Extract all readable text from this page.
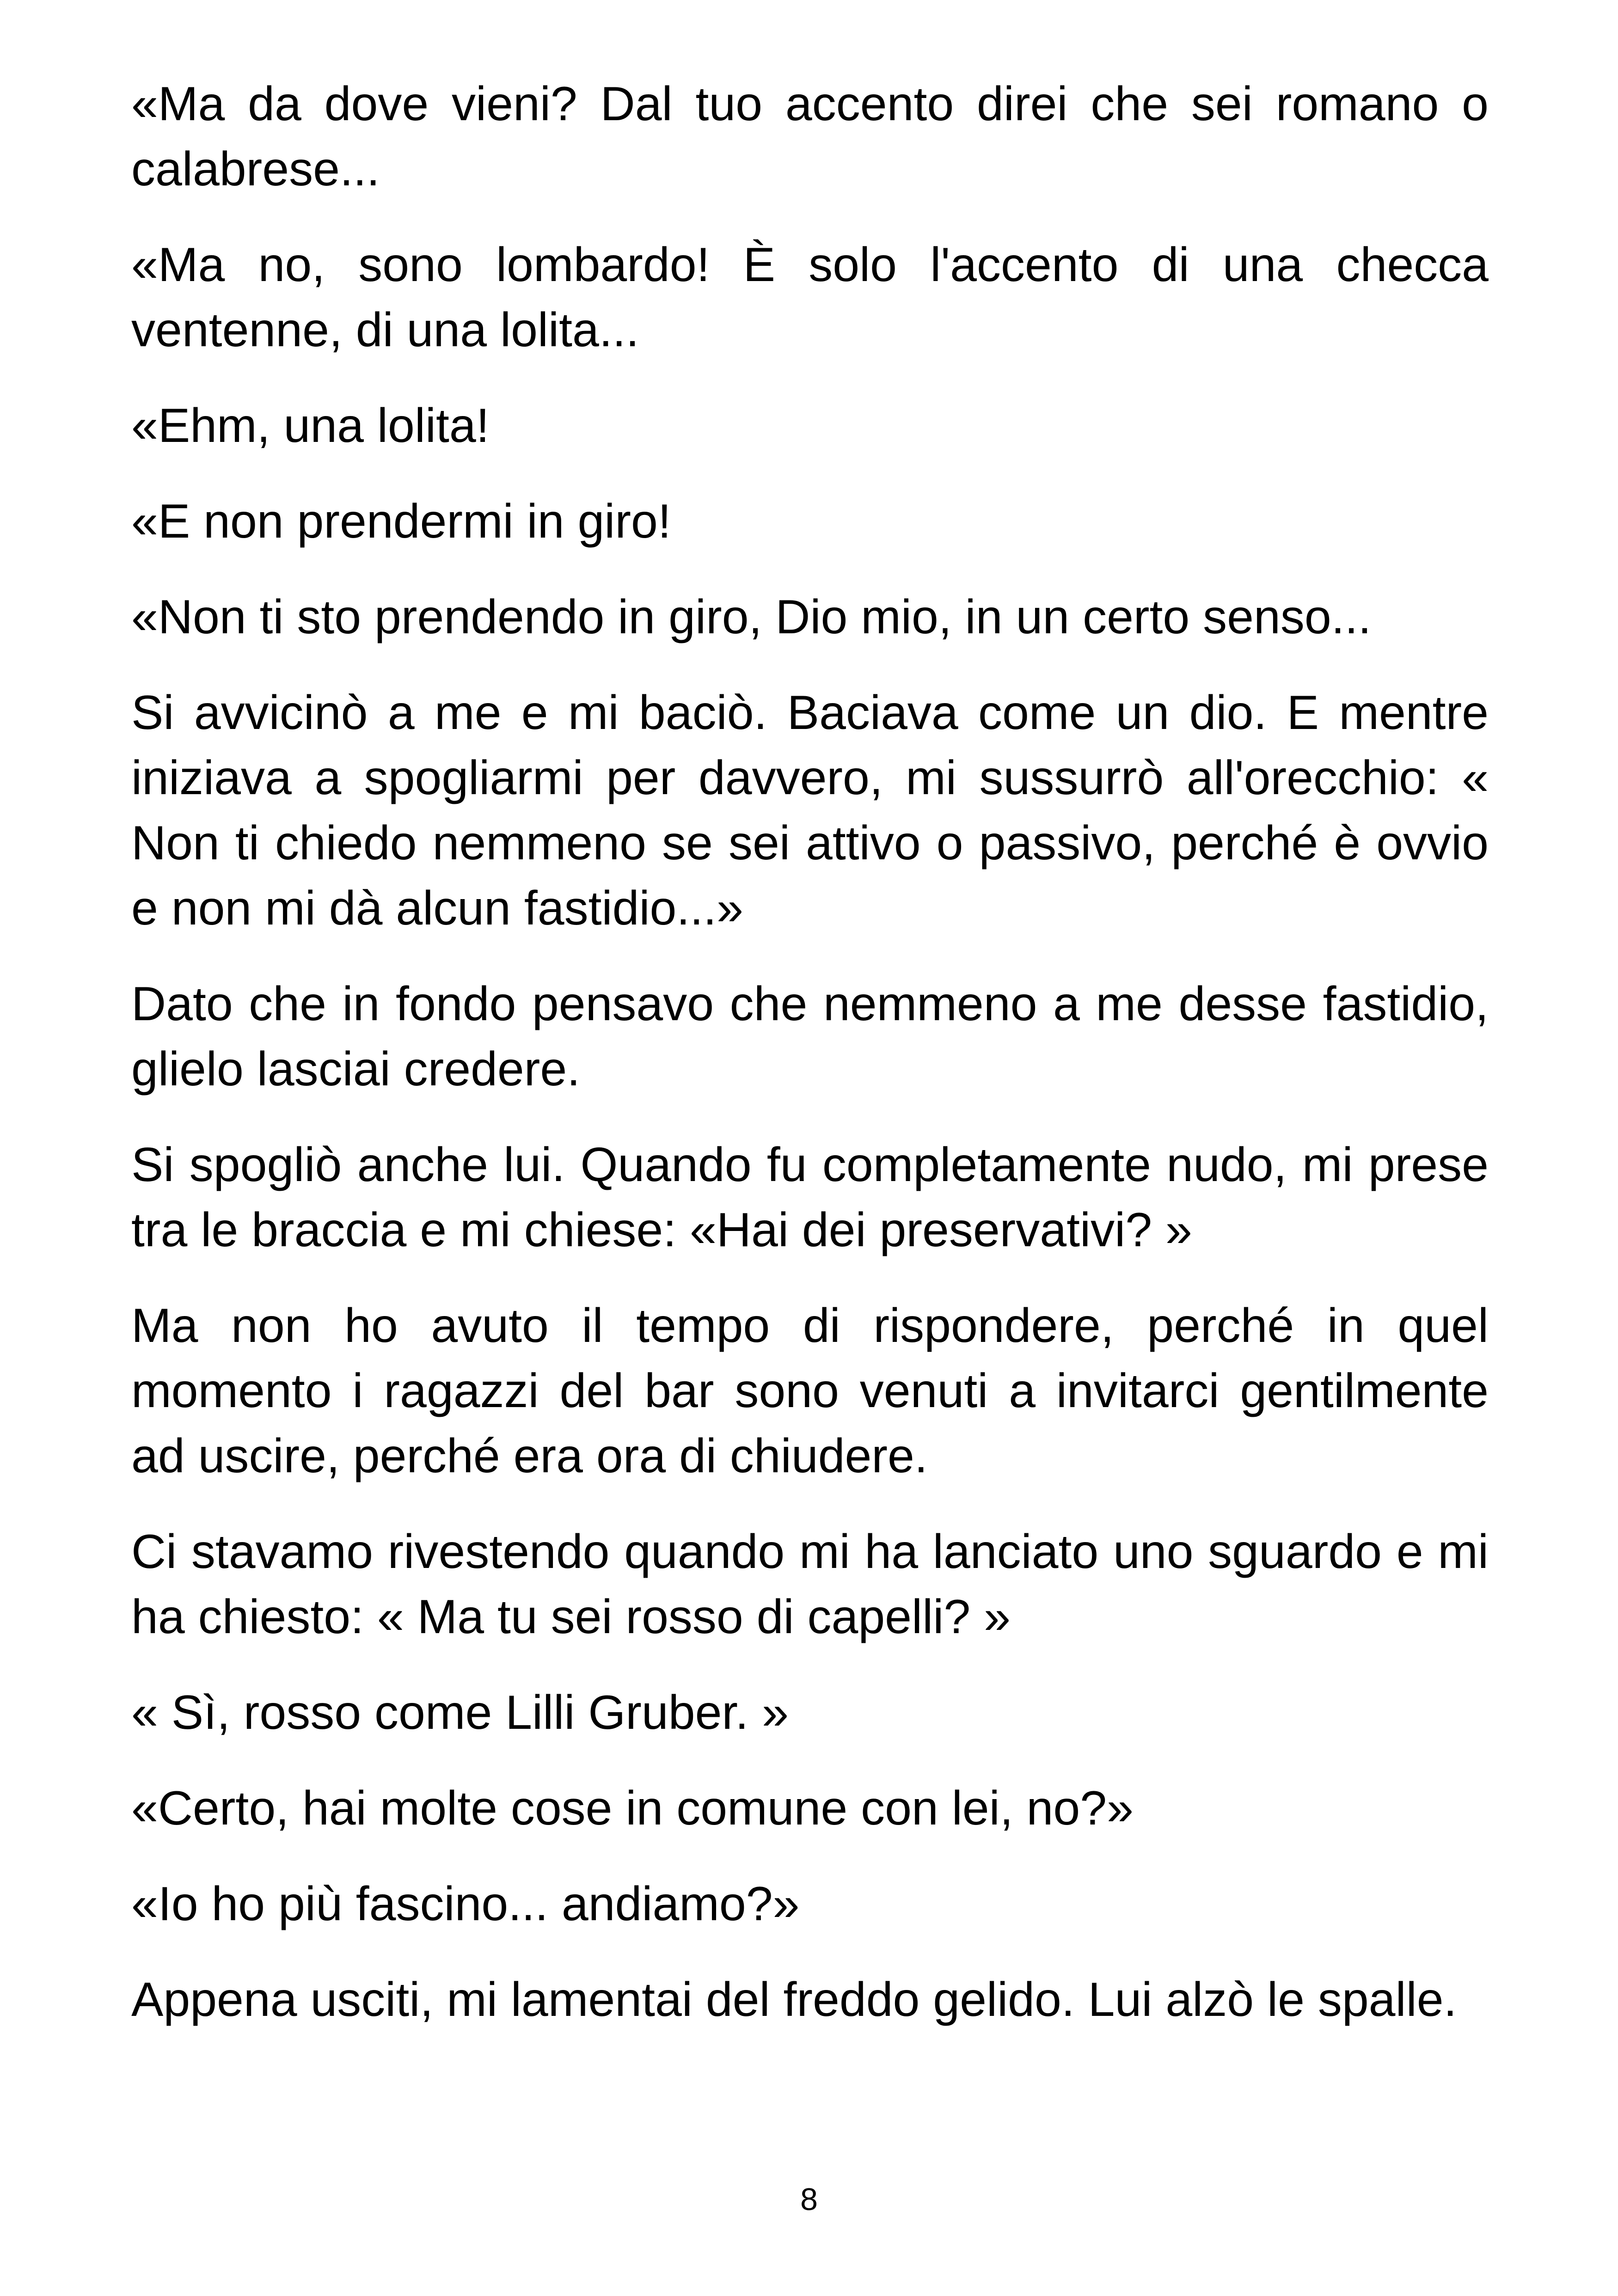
«Ma da dove vieni? Dal tuo accento direi che sei romano o calabrese...

«Ma no, sono lombardo! È solo l'accento di una checca ventenne, di una lolita...

«Ehm, una lolita!

«E non prendermi in giro!

«Non ti sto prendendo in giro, Dio mio, in un certo senso...

Si avvicinò a me e mi baciò. Baciava come un dio. E mentre iniziava a spogliarmi per davvero, mi sussurrò all'orecchio: « Non ti chiedo nemmeno se sei attivo o passivo, perché è ovvio e non mi dà alcun fastidio...»

Dato che in fondo pensavo che nemmeno a me desse fastidio, glielo lasciai credere.

Si spogliò anche lui. Quando fu completamente nudo, mi prese tra le braccia e mi chiese: «Hai dei preservativi? »

Ma non ho avuto il tempo di rispondere, perché in quel momento i ragazzi del bar sono venuti a invitarci gentilmente ad uscire, perché era ora di chiudere.

Ci stavamo rivestendo quando mi ha lanciato uno sguardo e mi ha chiesto: « Ma tu sei rosso di capelli? »

« Sì, rosso come Lilli Gruber. »

«Certo, hai molte cose in comune con lei, no?»

«Io ho più fascino... andiamo?»

Appena usciti, mi lamentai del freddo gelido. Lui alzò le spalle.

8
